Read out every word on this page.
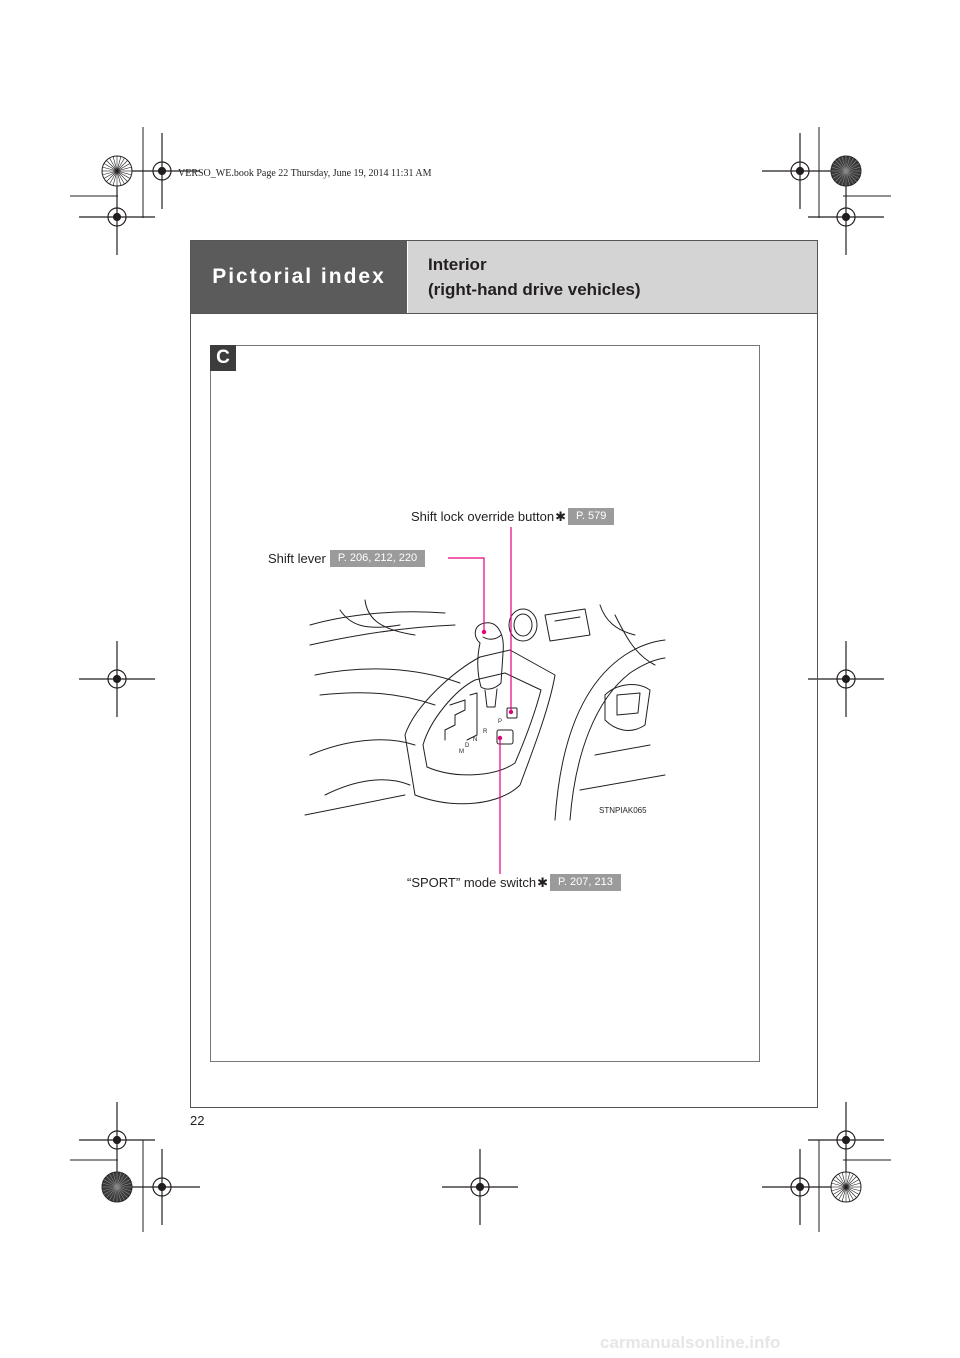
VERSO_WE.book Page 22 Thursday, June 19, 2014 11:31 AM
Pictorial index
Interior
(right-hand drive vehicles)
C
Shift lock override button ✱ P. 579
Shift lever	P. 206, 212, 220
“SPORT” mode switch ✱ P. 207, 213
P
R
N
D
M
STNPIAK065
22
carmanualsonline.info
